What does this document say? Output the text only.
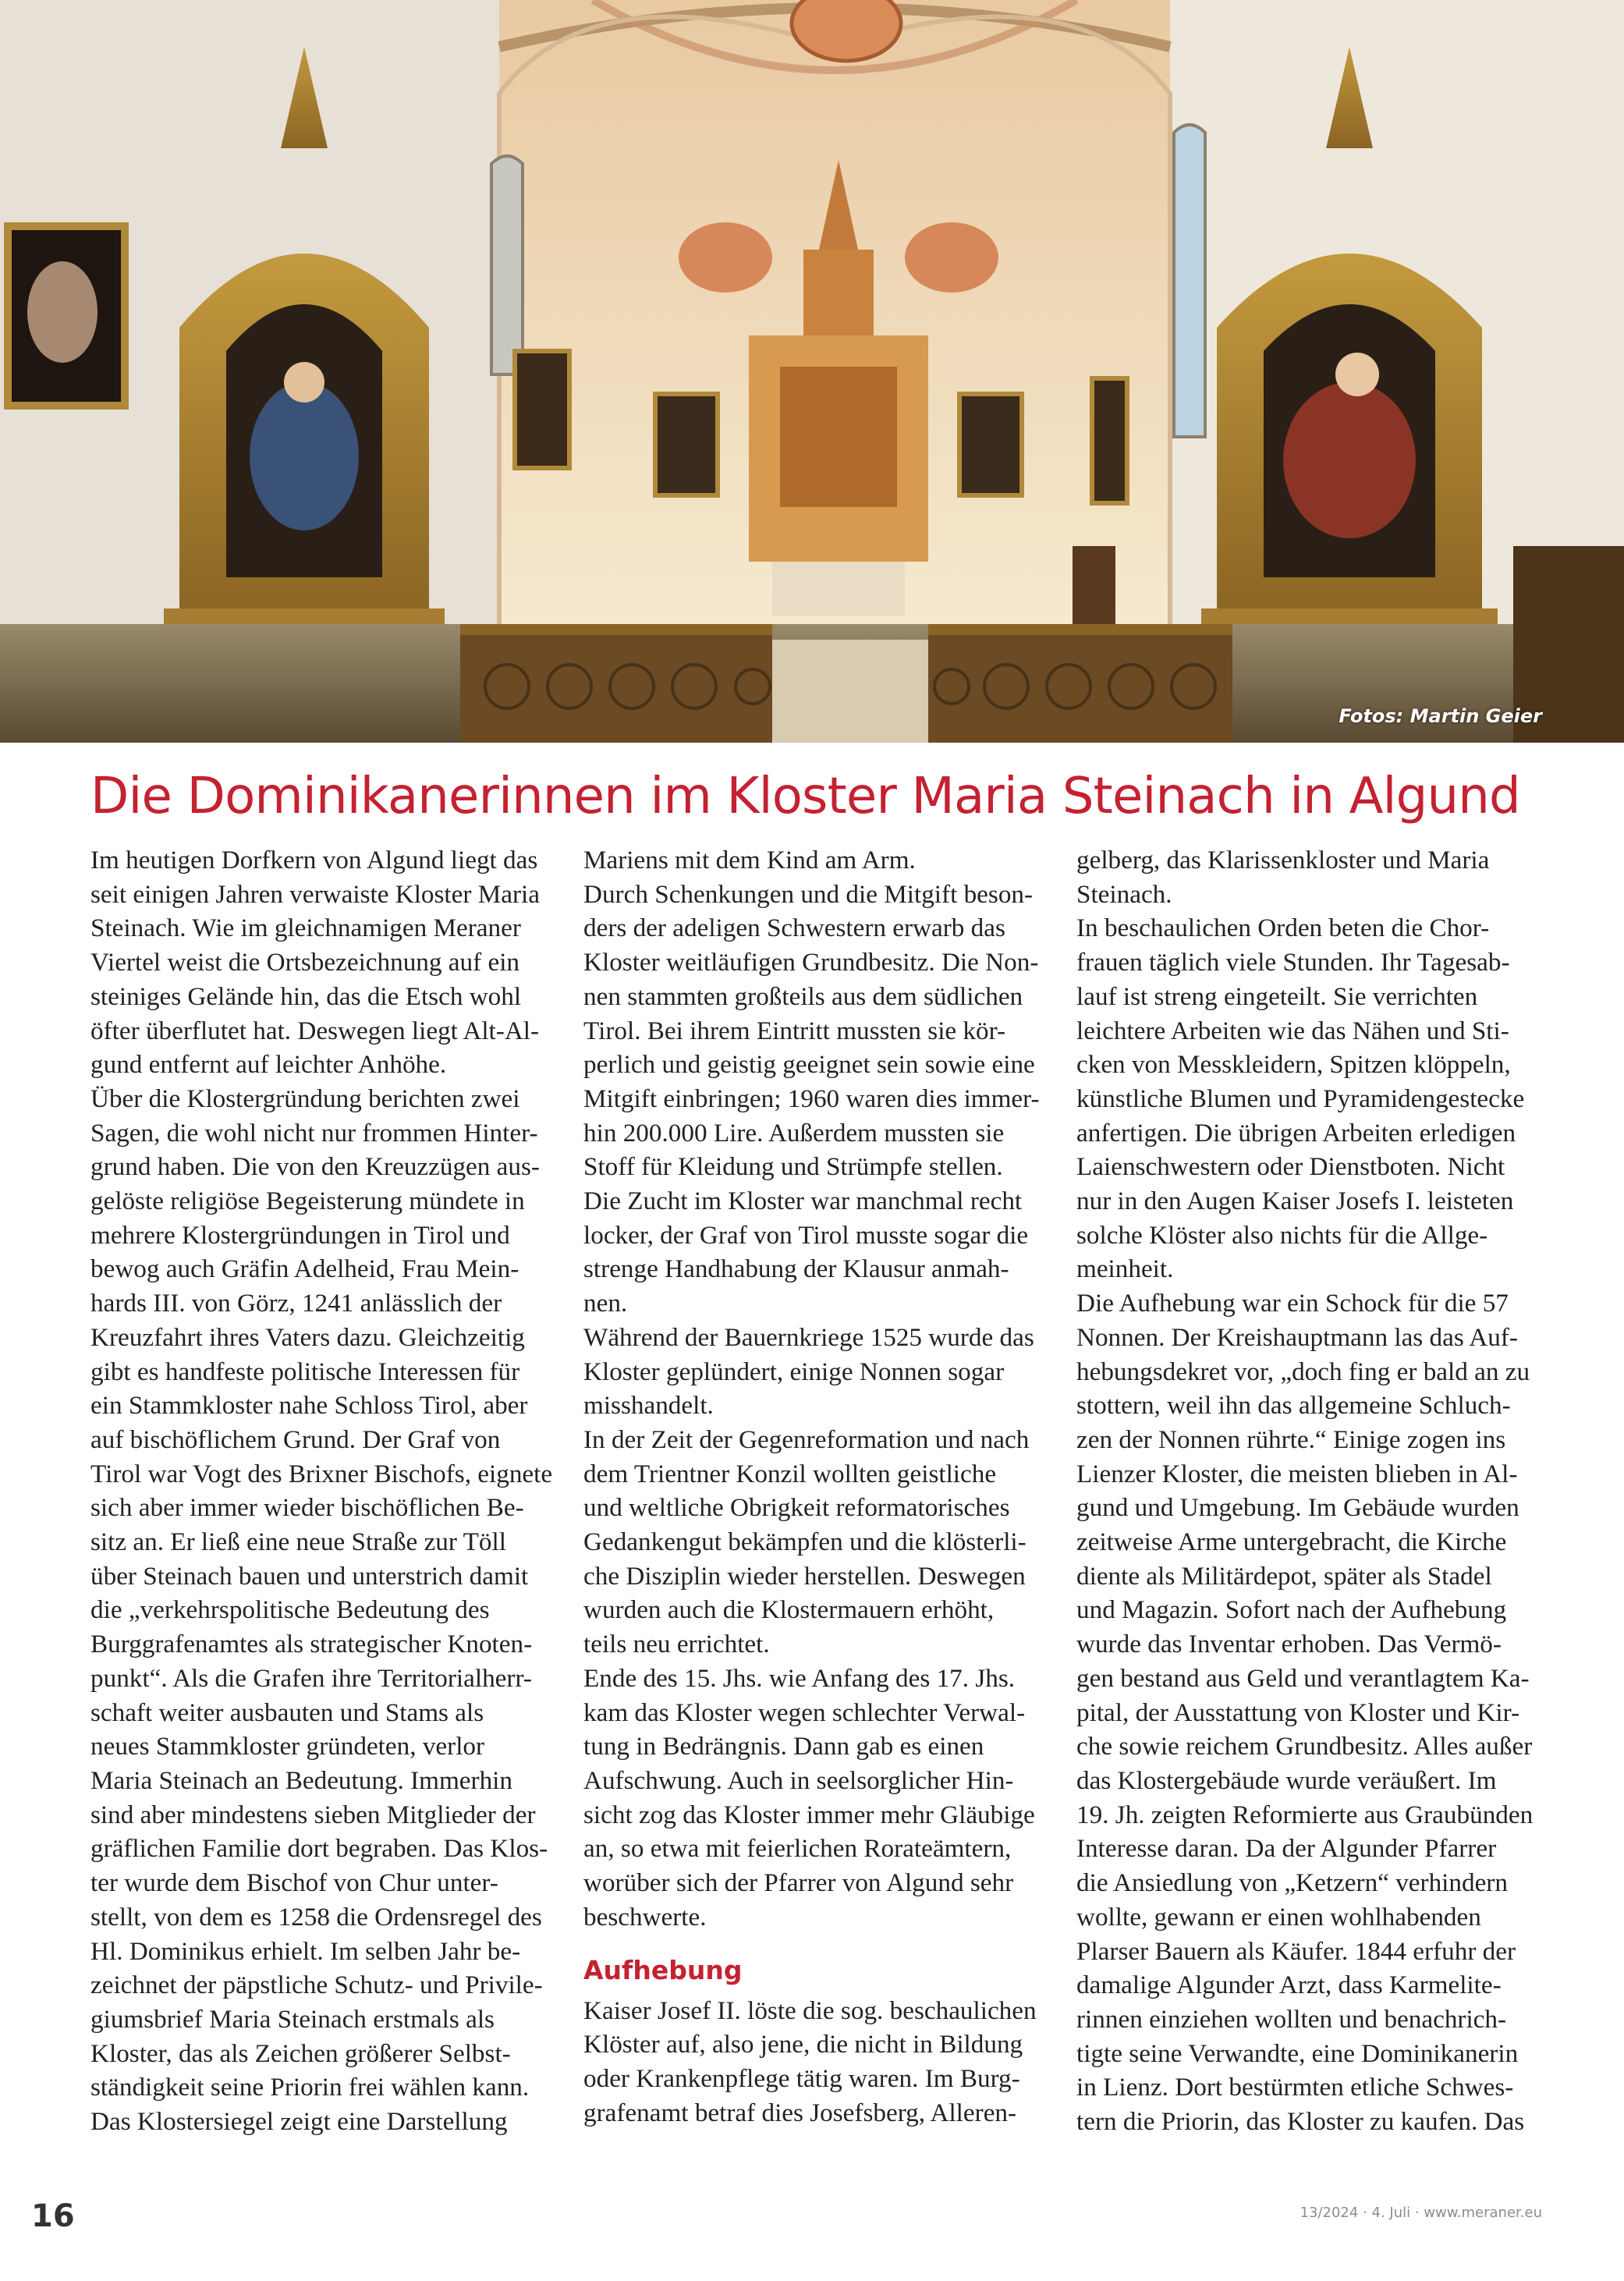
Fotos: Martin Geier
Die Dominikanerinnen im Kloster Maria Steinach in Algund

Im heutigen Dorfkern von Algund liegt das
seit einigen Jahren verwaiste Kloster Maria
Steinach. Wie im gleichnamigen Meraner
Viertel weist die Ortsbezeichnung auf ein
steiniges Gelände hin, das die Etsch wohl
öfter überflutet hat. Deswegen liegt Alt-Al-
gund entfernt auf leichter Anhöhe.
Über die Klostergründung berichten zwei
Sagen, die wohl nicht nur frommen Hinter-
grund haben. Die von den Kreuzzügen aus-
gelöste religiöse Begeisterung mündete in
mehrere Klostergründungen in Tirol und
bewog auch Gräfin Adelheid, Frau Mein-
hards III. von Görz, 1241 anlässlich der
Kreuzfahrt ihres Vaters dazu. Gleichzeitig
gibt es handfeste politische Interessen für
ein Stammkloster nahe Schloss Tirol, aber
auf bischöflichem Grund. Der Graf von
Tirol war Vogt des Brixner Bischofs, eignete
sich aber immer wieder bischöflichen Be-
sitz an. Er ließ eine neue Straße zur Töll
über Steinach bauen und unterstrich damit
die „verkehrspolitische Bedeutung des
Burggrafenamtes als strategischer Knoten-
punkt“. Als die Grafen ihre Territorialherr-
schaft weiter ausbauten und Stams als
neues Stammkloster gründeten, verlor
Maria Steinach an Bedeutung. Immerhin
sind aber mindestens sieben Mitglieder der
gräflichen Familie dort begraben. Das Klos-
ter wurde dem Bischof von Chur unter-
stellt, von dem es 1258 die Ordensregel des
Hl. Dominikus erhielt. Im selben Jahr be-
zeichnet der päpstliche Schutz- und Privile-
giumsbrief Maria Steinach erstmals als
Kloster, das als Zeichen größerer Selbst-
ständigkeit seine Priorin frei wählen kann.
Das Klostersiegel zeigt eine Darstellung

Mariens mit dem Kind am Arm.
Durch Schenkungen und die Mitgift beson-
ders der adeligen Schwestern erwarb das
Kloster weitläufigen Grundbesitz. Die Non-
nen stammten großteils aus dem südlichen
Tirol. Bei ihrem Eintritt mussten sie kör-
perlich und geistig geeignet sein sowie eine
Mitgift einbringen; 1960 waren dies immer-
hin 200.000 Lire. Außerdem mussten sie
Stoff für Kleidung und Strümpfe stellen.
Die Zucht im Kloster war manchmal recht
locker, der Graf von Tirol musste sogar die
strenge Handhabung der Klausur anmah-
nen.
Während der Bauernkriege 1525 wurde das
Kloster geplündert, einige Nonnen sogar
misshandelt.
In der Zeit der Gegenreformation und nach
dem Trientner Konzil wollten geistliche
und weltliche Obrigkeit reformatorisches
Gedankengut bekämpfen und die klösterli-
che Disziplin wieder herstellen. Deswegen
wurden auch die Klostermauern erhöht,
teils neu errichtet.
Ende des 15. Jhs. wie Anfang des 17. Jhs.
kam das Kloster wegen schlechter Verwal-
tung in Bedrängnis. Dann gab es einen
Aufschwung. Auch in seelsorglicher Hin-
sicht zog das Kloster immer mehr Gläubige
an, so etwa mit feierlichen Rorateämtern,
worüber sich der Pfarrer von Algund sehr
beschwerte.

Aufhebung

Kaiser Josef II. löste die sog. beschaulichen
Klöster auf, also jene, die nicht in Bildung
oder Krankenpflege tätig waren. Im Burg-
grafenamt betraf dies Josefsberg, Alleren-

gelberg, das Klarissenkloster und Maria
Steinach.
In beschaulichen Orden beten die Chor-
frauen täglich viele Stunden. Ihr Tagesab-
lauf ist streng eingeteilt. Sie verrichten
leichtere Arbeiten wie das Nähen und Sti-
cken von Messkleidern, Spitzen klöppeln,
künstliche Blumen und Pyramidengestecke
anfertigen. Die übrigen Arbeiten erledigen
Laienschwestern oder Dienstboten. Nicht
nur in den Augen Kaiser Josefs I. leisteten
solche Klöster also nichts für die Allge-
meinheit.
Die Aufhebung war ein Schock für die 57
Nonnen. Der Kreishauptmann las das Auf-
hebungsdekret vor, „doch fing er bald an zu
stottern, weil ihn das allgemeine Schluch-
zen der Nonnen rührte.“ Einige zogen ins
Lienzer Kloster, die meisten blieben in Al-
gund und Umgebung. Im Gebäude wurden
zeitweise Arme untergebracht, die Kirche
diente als Militärdepot, später als Stadel
und Magazin. Sofort nach der Aufhebung
wurde das Inventar erhoben. Das Vermö-
gen bestand aus Geld und verantlagtem Ka-
pital, der Ausstattung von Kloster und Kir-
che sowie reichem Grundbesitz. Alles außer
das Klostergebäude wurde veräußert. Im
19. Jh. zeigten Reformierte aus Graubünden
Interesse daran. Da der Algunder Pfarrer
die Ansiedlung von „Ketzern“ verhindern
wollte, gewann er einen wohlhabenden
Plarser Bauern als Käufer. 1844 erfuhr der
damalige Algunder Arzt, dass Karmelite-
rinnen einziehen wollten und benachrich-
tigte seine Verwandte, eine Dominikanerin
in Lienz. Dort bestürmten etliche Schwes-
tern die Priorin, das Kloster zu kaufen. Das

16	13/2024 · 4. Juli · www.meraner.eu
